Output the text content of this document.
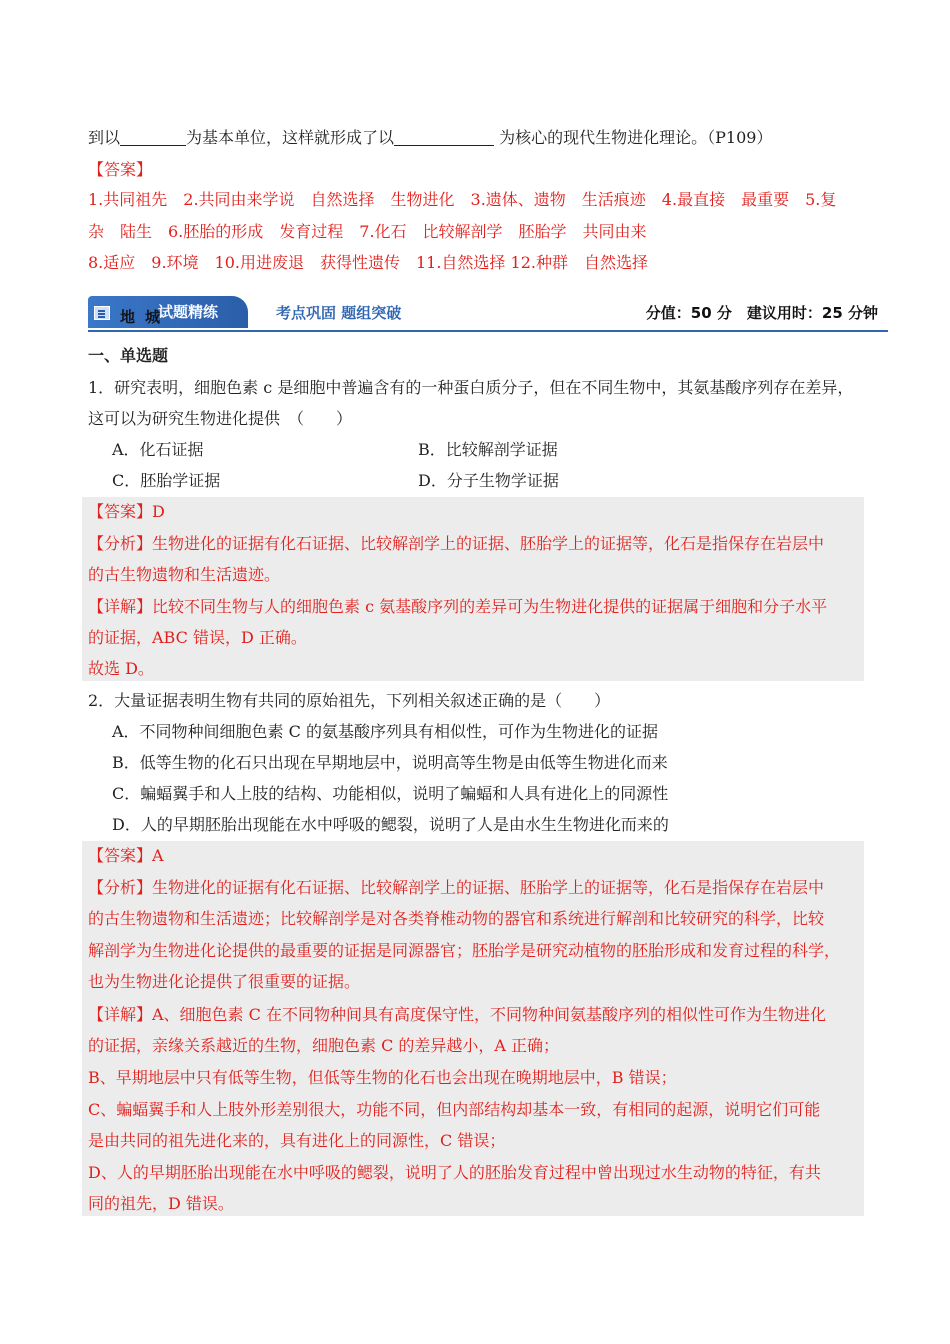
到以	为基本单位，这样就形成了以	为核心的现代生物进化理论。（P109）
【答案】
1.共同祖先　2.共同由来学说　自然选择　生物进化　3.遗体、遗物　生活痕迹　4.最直接　最重要　5.复
杂　陆生　6.胚胎的形成　发育过程　7.化石　比较解剖学　胚胎学　共同由来
8.适应　9.环境　10.用进废退　获得性遗传　11.自然选择 12.种群　自然选择
试题精练
地城	考点巩固 题组突破	分值：50 分　建议用时：25 分钟
一、单选题
1．研究表明，细胞色素 c 是细胞中普遍含有的一种蛋白质分子，但在不同生物中，其氨基酸序列存在差异，
这可以为研究生物进化提供　（　　）
A．化石证据	B．比较解剖学证据
C．胚胎学证据	D．分子生物学证据
【答案】D
【分析】生物进化的证据有化石证据、比较解剖学上的证据、胚胎学上的证据等，化石是指保存在岩层中
的古生物遗物和生活遗迹。
【详解】比较不同生物与人的细胞色素 c 氨基酸序列的差异可为生物进化提供的证据属于细胞和分子水平
的证据，ABC 错误，D 正确。
故选 D。
2．大量证据表明生物有共同的原始祖先，下列相关叙述正确的是（　　）
A．不同物种间细胞色素 C 的氨基酸序列具有相似性，可作为生物进化的证据
B．低等生物的化石只出现在早期地层中，说明高等生物是由低等生物进化而来
C．蝙蝠翼手和人上肢的结构、功能相似，说明了蝙蝠和人具有进化上的同源性
D．人的早期胚胎出现能在水中呼吸的鳃裂，说明了人是由水生生物进化而来的
【答案】A
【分析】生物进化的证据有化石证据、比较解剖学上的证据、胚胎学上的证据等，化石是指保存在岩层中
的古生物遗物和生活遗迹；比较解剖学是对各类脊椎动物的器官和系统进行解剖和比较研究的科学，比较
解剖学为生物进化论提供的最重要的证据是同源器官；胚胎学是研究动植物的胚胎形成和发育过程的科学，
也为生物进化论提供了很重要的证据。
【详解】A、细胞色素 C 在不同物种间具有高度保守性，不同物种间氨基酸序列的相似性可作为生物进化
的证据，亲缘关系越近的生物，细胞色素 C 的差异越小，A 正确；
B、早期地层中只有低等生物，但低等生物的化石也会出现在晚期地层中，B 错误；
C、蝙蝠翼手和人上肢外形差别很大，功能不同，但内部结构却基本一致，有相同的起源，说明它们可能
是由共同的祖先进化来的，具有进化上的同源性，C 错误；
D、人的早期胚胎出现能在水中呼吸的鳃裂，说明了人的胚胎发育过程中曾出现过水生动物的特征，有共
同的祖先，D 错误。
